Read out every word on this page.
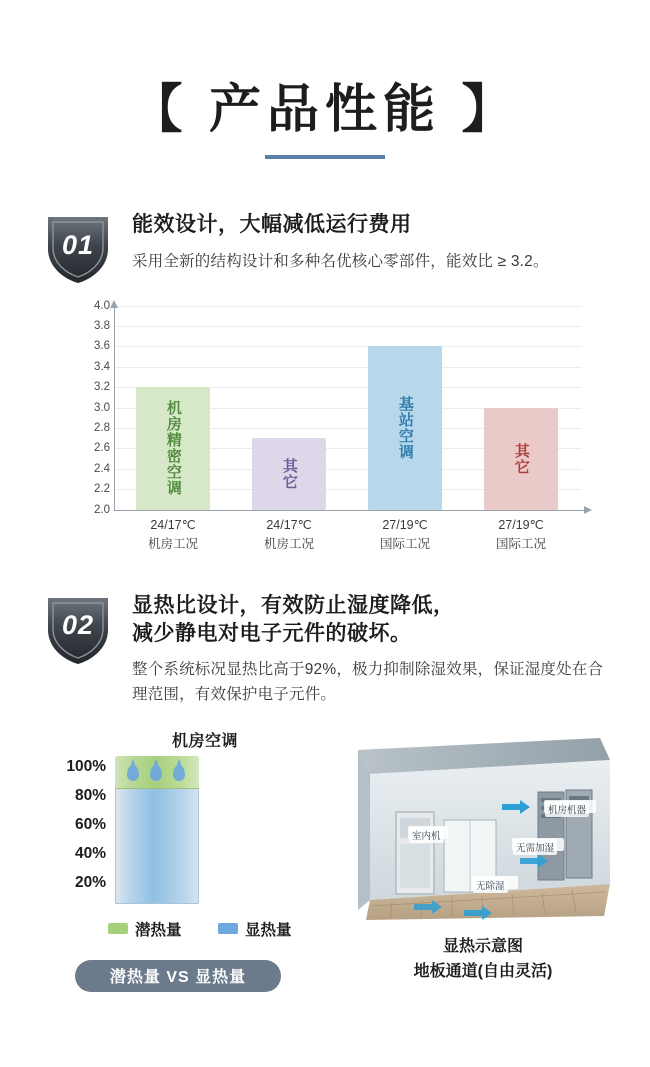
【 产品性能 】
01
能效设计，大幅减低运行费用
采用全新的结构设计和多种名优核心零部件，能效比 ≥ 3.2。
4.0
3.8
3.6
3.4
3.2
3.0
2.8
2.6
2.4
2.2
2.0
机房精密空调	其它
基站空调	其它
24/17℃
机房工况
24/17℃
机房工况
27/19℃
国际工况
27/19℃
国际工况
02
显热比设计，有效防止湿度降低，
减少静电对电子元件的破坏。
整个系统标况显热比高于92%，极力抑制除湿效果，保证湿度处在合理范围，有效保护电子元件。
机房空调
100%
80%
60%
40%
20%
潜热量	显热量
潜热量 VS 显热量
室内机
机房机器
无需加湿
无除湿
显热示意图
地板通道(自由灵活)
